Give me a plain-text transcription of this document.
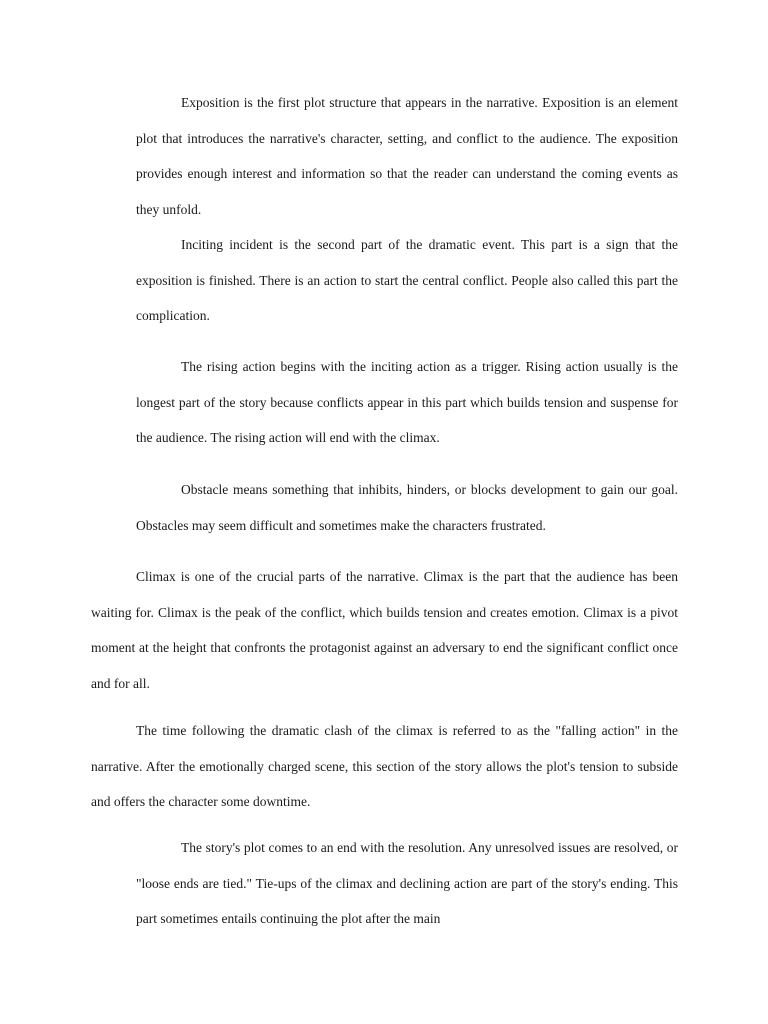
Exposition is the first plot structure that appears in the narrative. Exposition is an element plot that introduces the narrative's character, setting, and conflict to the audience. The exposition provides enough interest and information so that the reader can understand the coming events as they unfold.

Inciting incident is the second part of the dramatic event. This part is a sign that the exposition is finished. There is an action to start the central conflict. People also called this part the complication.

The rising action begins with the inciting action as a trigger. Rising action usually is the longest part of the story because conflicts appear in this part which builds tension and suspense for the audience. The rising action will end with the climax.

Obstacle means something that inhibits, hinders, or blocks development to gain our goal. Obstacles may seem difficult and sometimes make the characters frustrated.

Climax is one of the crucial parts of the narrative. Climax is the part that the audience has been waiting for. Climax is the peak of the conflict, which builds tension and creates emotion. Climax is a pivot moment at the height that confronts the protagonist against an adversary to end the significant conflict once and for all.

The time following the dramatic clash of the climax is referred to as the "falling action" in the narrative. After the emotionally charged scene, this section of the story allows the plot's tension to subside and offers the character some downtime.

The story's plot comes to an end with the resolution. Any unresolved issues are resolved, or "loose ends are tied." Tie-ups of the climax and declining action are part of the story's ending. This part sometimes entails continuing the plot after the main
